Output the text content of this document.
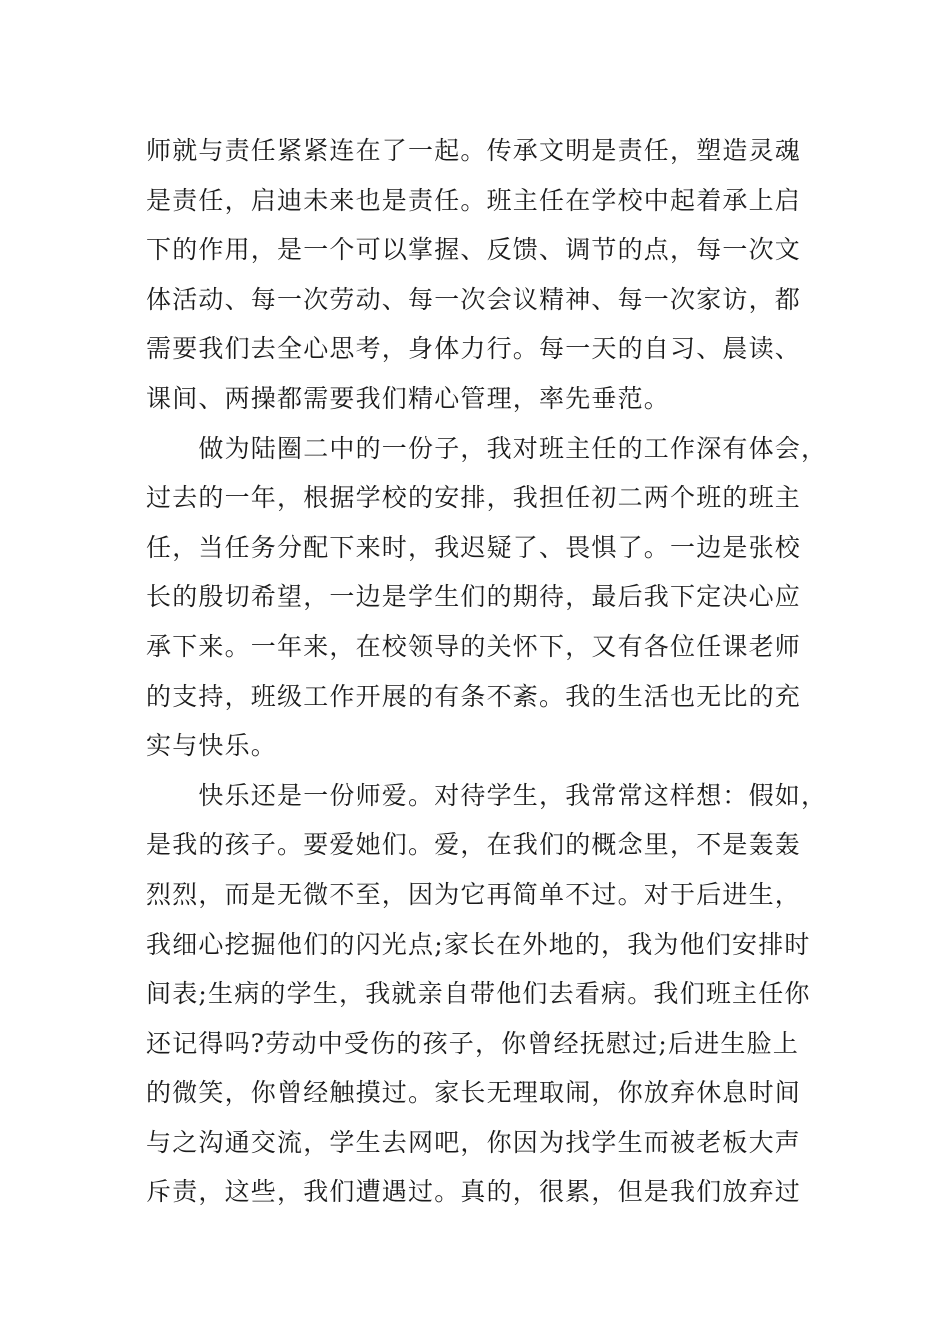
师就与责任紧紧连在了一起。传承文明是责任，塑造灵魂
是责任，启迪未来也是责任。班主任在学校中起着承上启
下的作用，是一个可以掌握、反馈、调节的点，每一次文
体活动、每一次劳动、每一次会议精神、每一次家访，都
需要我们去全心思考，身体力行。每一天的自习、晨读、
课间、两操都需要我们精心管理，率先垂范。
　　做为陆圈二中的一份子，我对班主任的工作深有体会，
过去的一年，根据学校的安排，我担任初二两个班的班主
任，当任务分配下来时，我迟疑了、畏惧了。一边是张校
长的殷切希望，一边是学生们的期待，最后我下定决心应
承下来。一年来，在校领导的关怀下，又有各位任课老师
的支持，班级工作开展的有条不紊。我的生活也无比的充
实与快乐。
　　快乐还是一份师爱。对待学生，我常常这样想：假如，
是我的孩子。要爱她们。爱，在我们的概念里，不是轰轰
烈烈，而是无微不至，因为它再简单不过。对于后进生，
我细心挖掘他们的闪光点;家长在外地的，我为他们安排时
间表;生病的学生，我就亲自带他们去看病。我们班主任你
还记得吗?劳动中受伤的孩子，你曾经抚慰过;后进生脸上
的微笑，你曾经触摸过。家长无理取闹，你放弃休息时间
与之沟通交流，学生去网吧，你因为找学生而被老板大声
斥责，这些，我们遭遇过。真的，很累，但是我们放弃过
